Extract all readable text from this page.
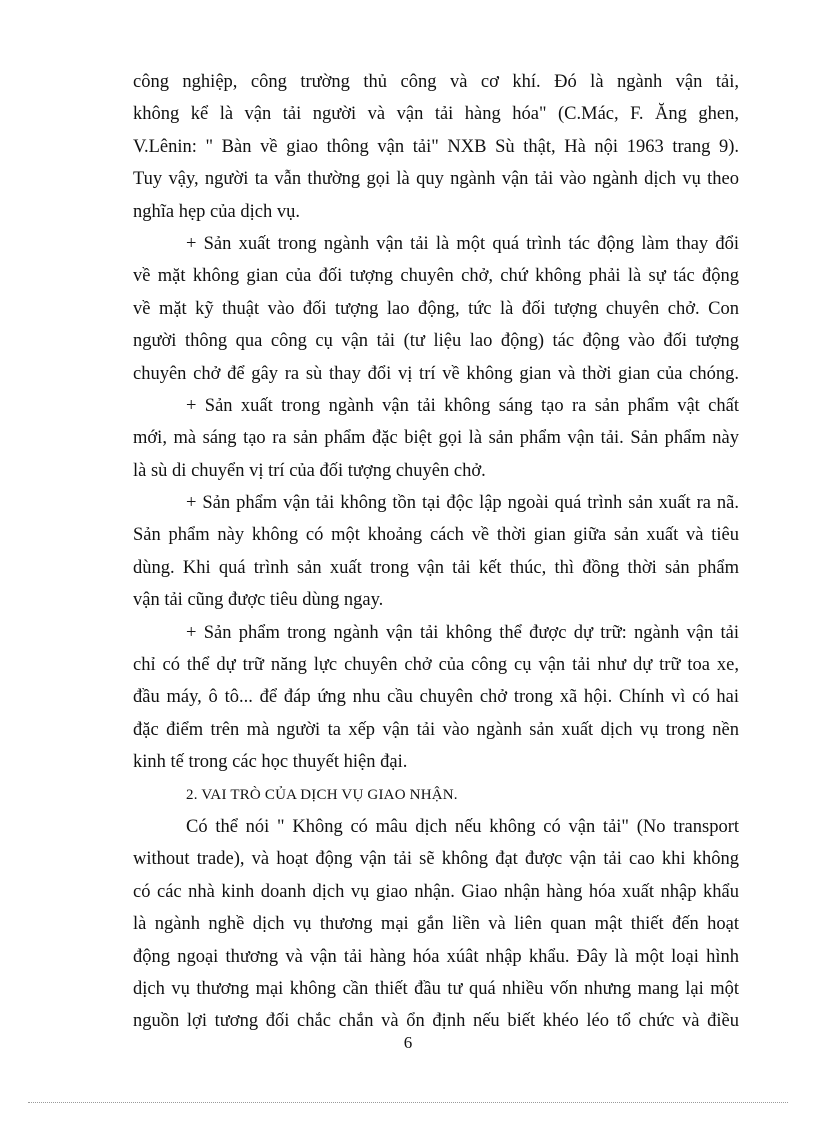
công nghiệp, công trường thủ công và cơ khí. Đó là ngành vận tải,
không kể là vận tải người và vận tải hàng hóa" (C.Mác, F. Ăng ghen,
V.Lênin: " Bàn về giao thông vận tải" NXB Sù thật, Hà nội 1963 trang 9).
Tuy vậy, người ta vẫn thường gọi là quy ngành vận tải vào ngành dịch vụ theo
nghĩa hẹp của dịch vụ.
+ Sản xuất trong ngành vận tải là một quá trình tác động làm thay đổi
về mặt không gian của đối tượng chuyên chở, chứ không phải là sự tác động
về mặt kỹ thuật vào đối tượng lao động, tức là đối tượng chuyên chở. Con
người thông qua công cụ vận tải (tư liệu lao động) tác động vào đối tượng
chuyên chở để gây ra sù thay đổi vị trí về không gian và thời gian của chóng.
+ Sản xuất trong ngành vận tải không sáng tạo ra sản phẩm vật chất
mới, mà sáng tạo ra sản phẩm đặc biệt gọi là sản phẩm vận tải. Sản phẩm này
là sù di chuyển vị trí của đối tượng chuyên chở.
+ Sản phẩm vận tải không tồn tại độc lập ngoài quá trình sản xuất ra nã.
Sản phẩm này không có một khoảng cách về thời gian giữa sản xuất và tiêu
dùng. Khi quá trình sản xuất trong vận tải kết thúc, thì đồng thời sản phẩm
vận tải cũng được tiêu dùng ngay.
+ Sản phẩm trong ngành vận tải không thể được dự trữ: ngành vận tải
chỉ có thể dự trữ năng lực chuyên chở của công cụ vận tải như dự trữ toa xe,
đầu máy, ô tô... để đáp ứng nhu cầu chuyên chở trong xã hội. Chính vì có hai
đặc điểm trên mà người ta xếp vận tải vào ngành sản xuất dịch vụ trong nền
kinh tế trong các học thuyết hiện đại.
2. VAI TRÒ CỦA DỊCH VỤ GIAO NHẬN.
Có thể nói " Không có mâu dịch nếu không có vận tải" (No transport
without trade), và hoạt động vận tải sẽ không đạt được vận tải cao khi không
có các nhà kinh doanh dịch vụ giao nhận. Giao nhận hàng hóa xuất nhập khẩu
là ngành nghề dịch vụ thương mại gắn liền và liên quan mật thiết đến hoạt
động ngoại thương và vận tải hàng hóa xúât nhập khẩu. Đây là một loại hình
dịch vụ thương mại không cần thiết đầu tư quá nhiều vốn nhưng mang lại một
nguồn lợi tương đối chắc chắn và ổn định nếu biết khéo léo tổ chức và điều
6
